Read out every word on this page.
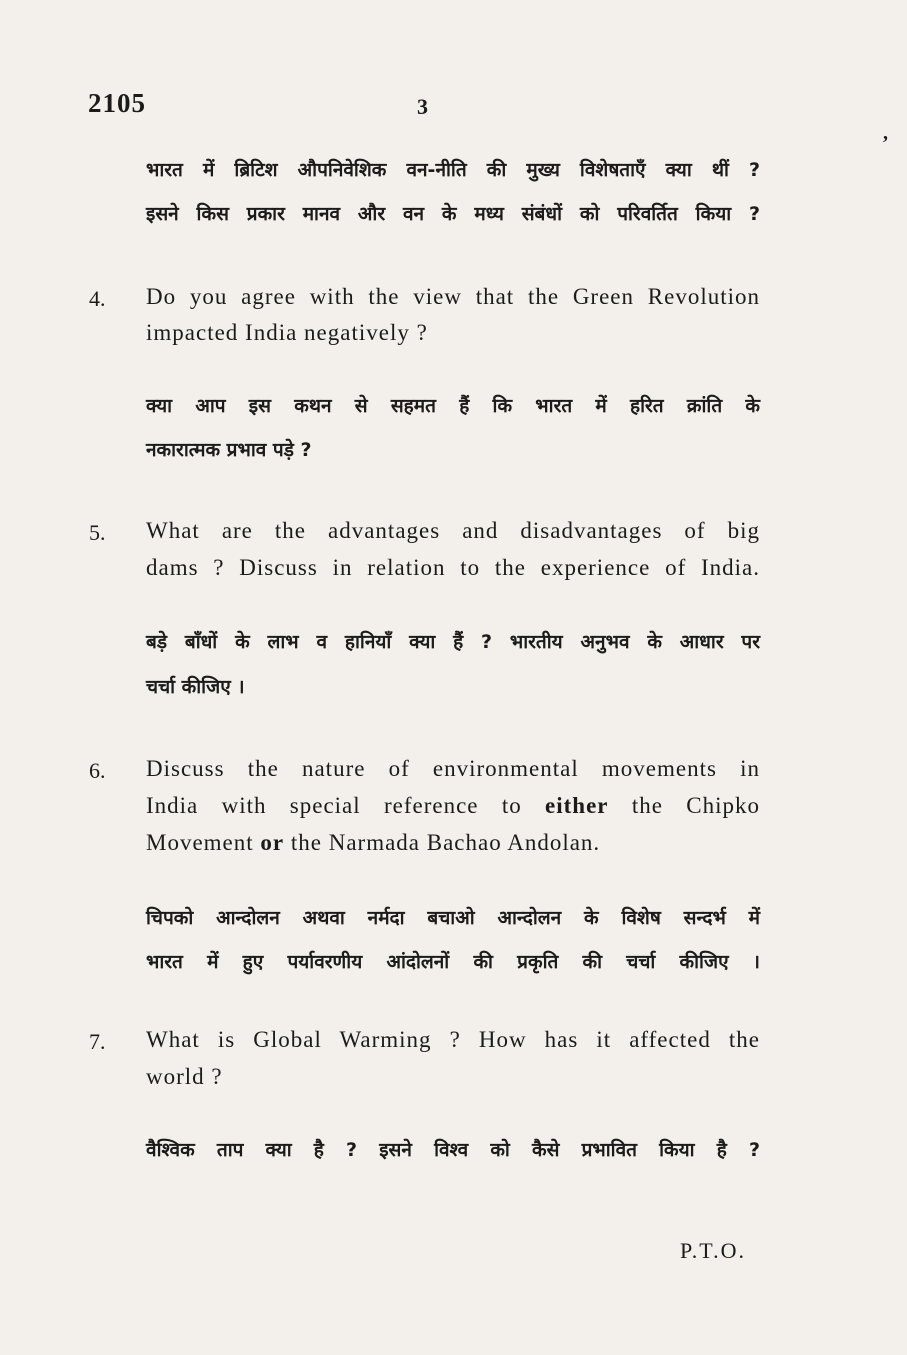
2105	3
’
भारत में ब्रिटिश औपनिवेशिक वन-नीति की मुख्य विशेषताएँ क्या थीं ?
इसने किस प्रकार मानव और वन के मध्य संबंधों को परिवर्तित किया ?
4. Do you agree with the view that the Green Revolution
impacted India negatively ?
क्या आप इस कथन से सहमत हैं कि भारत में हरित क्रांति के
नकारात्मक प्रभाव पड़े ?
5. What are the advantages and disadvantages of big
dams ? Discuss in relation to the experience of India.
बड़े बाँधों के लाभ व हानियाँ क्या हैं ? भारतीय अनुभव के आधार पर
चर्चा कीजिए ।
6. Discuss the nature of environmental movements in
India with special reference to either the Chipko
Movement or the Narmada Bachao Andolan.
चिपको आन्दोलन अथवा नर्मदा बचाओ आन्दोलन के विशेष सन्दर्भ में
भारत में हुए पर्यावरणीय आंदोलनों की प्रकृति की चर्चा कीजिए ।
7. What is Global Warming ? How has it affected the
world ?
वैश्विक ताप क्या है ? इसने विश्व को कैसे प्रभावित किया है ?
P.T.O.
